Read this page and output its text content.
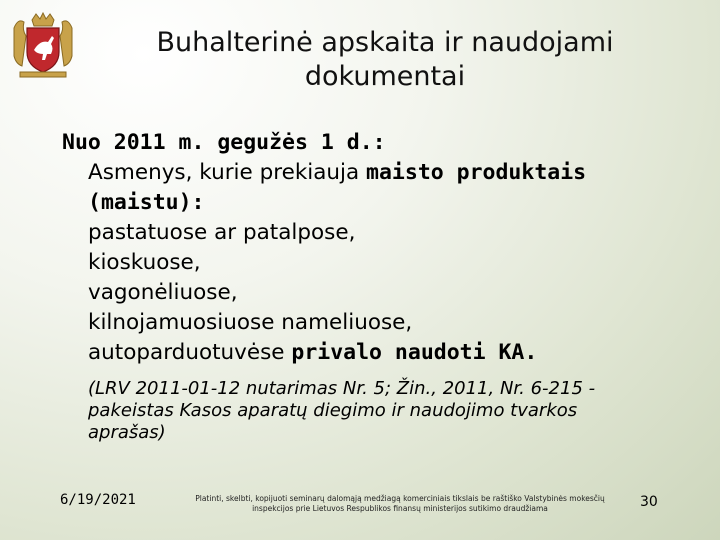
Buhalterinė apskaita ir naudojami dokumentai
Nuo 2011 m. gegužės 1 d.:
Asmenys, kurie prekiauja maisto produktais (maistu):
pastatuose ar patalpose,
kioskuose,
vagonėliuose,
kilnojamuosiuose nameliuose,
autoparduotuvėse privalo naudoti KA.
(LRV 2011-01-12 nutarimas Nr. 5; Žin., 2011, Nr. 6-215 - pakeistas Kasos aparatų diegimo ir naudojimo tvarkos aprašas)
6/19/2021	Platinti, skelbti, kopijuoti seminarų dalomąją medžiagą komerciniais tikslais be raštiško Valstybinės mokesčių inspekcijos prie Lietuvos Respublikos finansų ministerijos sutikimo draudžiama	30
